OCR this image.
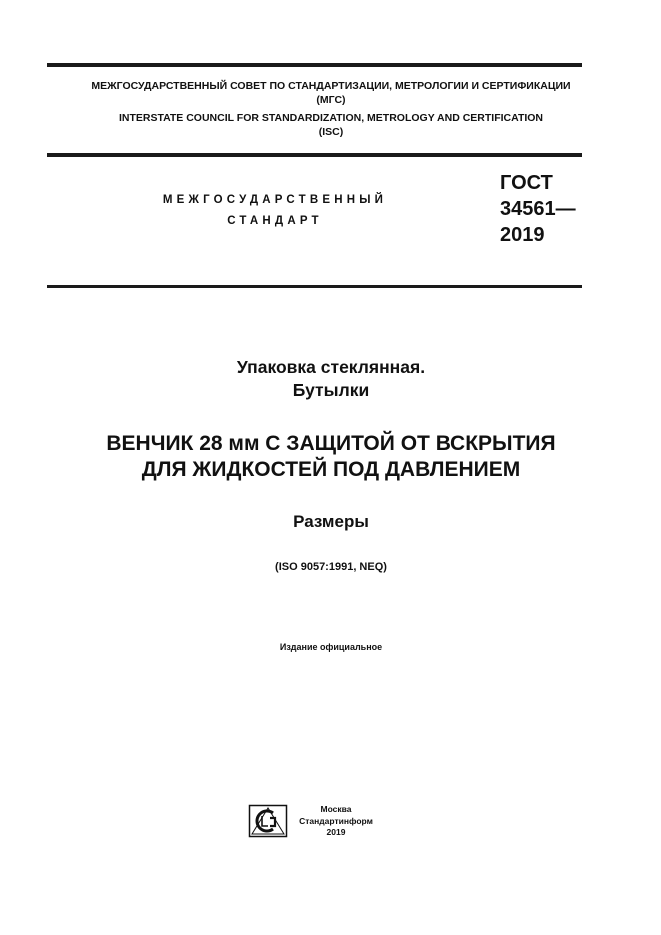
МЕЖГОСУДАРСТВЕННЫЙ СОВЕТ ПО СТАНДАРТИЗАЦИИ, МЕТРОЛОГИИ И СЕРТИФИКАЦИИ
(МГС)
INTERSTATE COUNCIL FOR STANDARDIZATION, METROLOGY AND CERTIFICATION
(ISC)
МЕЖГОСУДАРСТВЕННЫЙ
СТАНДАРТ
ГОСТ
34561—
2019
Упаковка стеклянная.
Бутылки
ВЕНЧИК 28 мм С ЗАЩИТОЙ ОТ ВСКРЫТИЯ
ДЛЯ ЖИДКОСТЕЙ ПОД ДАВЛЕНИЕМ
Размеры
(ISO 9057:1991, NEQ)
Издание официальное
Москва
Стандартинформ
2019
